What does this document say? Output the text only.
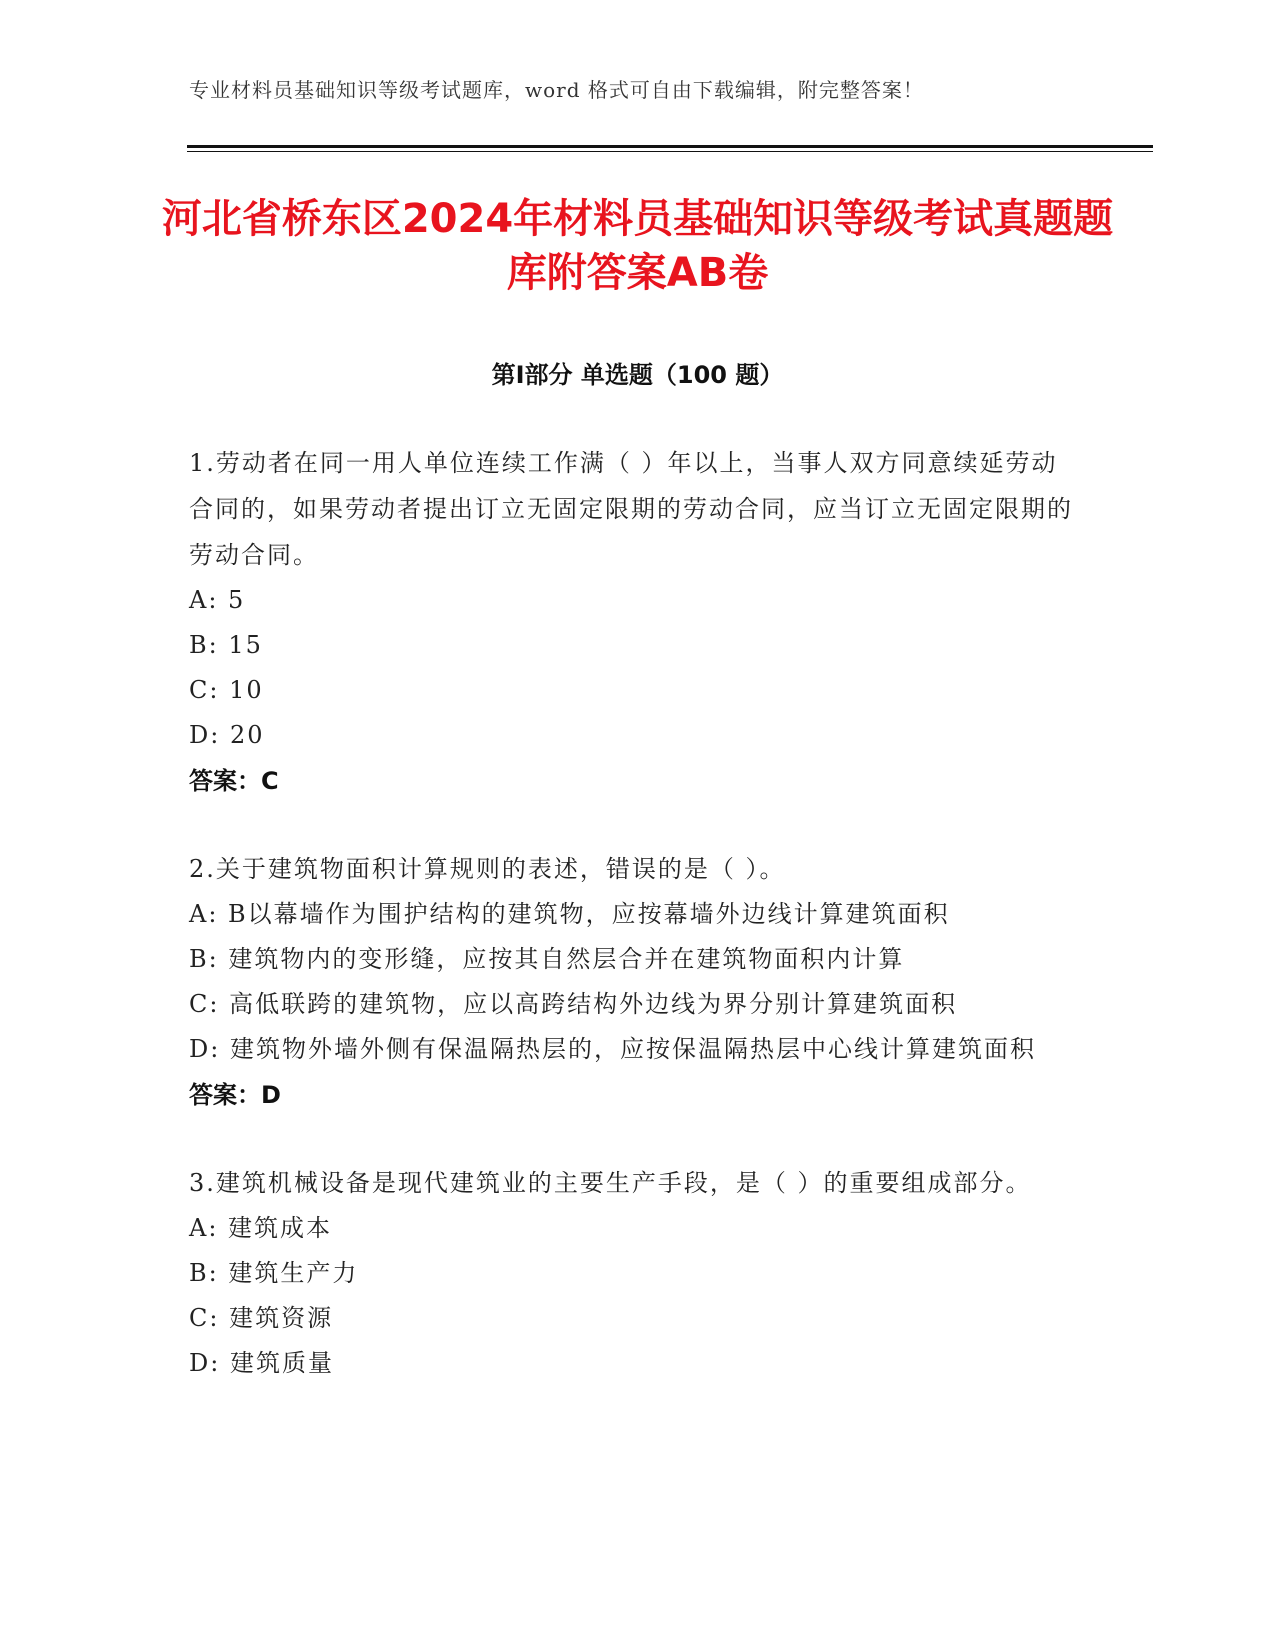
专业材料员基础知识等级考试题库，word 格式可自由下载编辑，附完整答案！
河北省桥东区2024年材料员基础知识等级考试真题题库附答案AB卷
第Ⅰ部分 单选题（100 题）
1.劳动者在同一用人单位连续工作满（ ）年以上，当事人双方同意续延劳动合同的，如果劳动者提出订立无固定限期的劳动合同，应当订立无固定限期的劳动合同。
A: 5
B: 15
C: 10
D: 20
答案：C
2.关于建筑物面积计算规则的表述，错误的是（ ）。
A: B以幕墙作为围护结构的建筑物，应按幕墙外边线计算建筑面积
B: 建筑物内的变形缝，应按其自然层合并在建筑物面积内计算
C: 高低联跨的建筑物，应以高跨结构外边线为界分别计算建筑面积
D: 建筑物外墙外侧有保温隔热层的，应按保温隔热层中心线计算建筑面积
答案：D
3.建筑机械设备是现代建筑业的主要生产手段，是（ ）的重要组成部分。
A: 建筑成本
B: 建筑生产力
C: 建筑资源
D: 建筑质量
